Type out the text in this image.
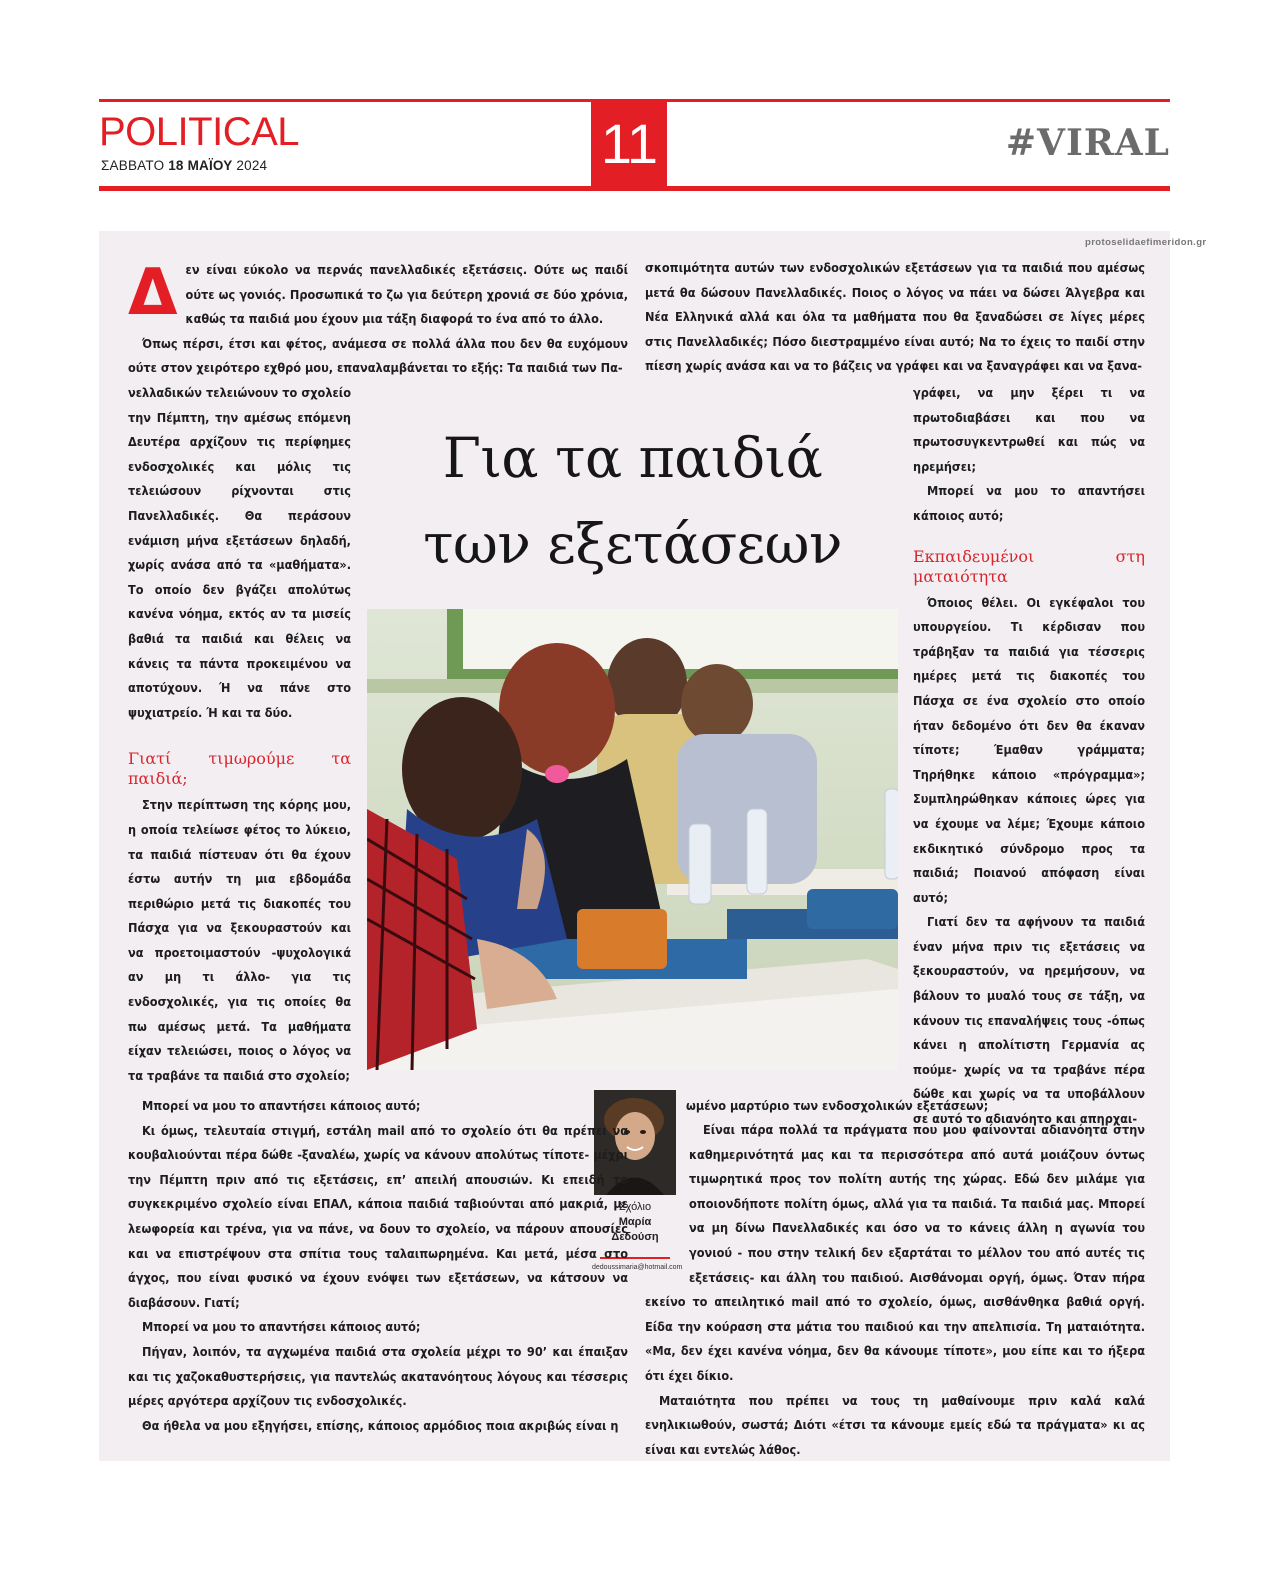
POLITICAL
ΣΑΒΒΑΤΟ 18 ΜΑΪΟΥ 2024	11	#VIRAL
protoselidaefimeridon.gr
Δ εν είναι εύκολο να περνάς πανελλαδικές εξετάσεις. Ούτε ως παιδί ούτε ως γονιός. Προσωπικά το ζω για δεύτερη χρονιά σε δύο χρόνια, καθώς τα παιδιά μου έχουν μια τάξη διαφορά το ένα από το άλλο.

Όπως πέρσι, έτσι και φέτος, ανάμεσα σε πολλά άλλα που δεν θα ευχόμουν ούτε στον χειρότερο εχθρό μου, επαναλαμβάνεται το εξής: Τα παιδιά των Πα-

νελλαδικών τελειώνουν το σχολείο την Πέμπτη, την αμέσως επόμενη Δευτέρα αρχίζουν τις περίφημες ενδοσχολικές και μόλις τις τελειώσουν ρίχνονται στις Πανελλαδικές. Θα περάσουν ενάμιση μήνα εξετάσεων δηλαδή, χωρίς ανάσα από τα «μαθήματα». Το οποίο δεν βγάζει απολύτως κανένα νόημα, εκτός αν τα μισείς βαθιά τα παιδιά και θέλεις να κάνεις τα πάντα προκειμένου να αποτύχουν. Ή να πάνε στο ψυχιατρείο. Ή και τα δύο.

Γιατί τιμωρούμε τα παιδιά;

Στην περίπτωση της κόρης μου, η οποία τελείωσε φέτος το λύκειο, τα παιδιά πίστευαν ότι θα έχουν έστω αυτήν τη μια εβδομάδα περιθώριο μετά τις διακοπές του Πάσχα για να ξεκουραστούν και να προετοιμαστούν -ψυχολογικά αν μη τι άλλο- για τις ενδοσχολικές, για τις οποίες θα πω αμέσως μετά. Τα μαθήματα είχαν τελειώσει, ποιος ο λόγος να τα τραβάνε τα παιδιά στο σχολείο;

σκοπιμότητα αυτών των ενδοσχολικών εξετάσεων για τα παιδιά που αμέσως μετά θα δώσουν Πανελλαδικές. Ποιος ο λόγος να πάει να δώσει Άλγεβρα και Νέα Ελληνικά αλλά και όλα τα μαθήματα που θα ξαναδώσει σε λίγες μέρες στις Πανελλαδικές; Πόσο διεστραμμένο είναι αυτό; Να το έχεις το παιδί στην πίεση χωρίς ανάσα και να το βάζεις να γράφει και να ξαναγράφει και να ξανα-

γράφει, να μην ξέρει τι να πρωτοδιαβάσει και που να πρωτοσυγκεντρωθεί και πώς να ηρεμήσει;

Μπορεί να μου το απαντήσει κάποιος αυτό;

Εκπαιδευμένοι στη ματαιότητα

Όποιος θέλει. Οι εγκέφαλοι του υπουργείου. Τι κέρδισαν που τράβηξαν τα παιδιά για τέσσερις ημέρες μετά τις διακοπές του Πάσχα σε ένα σχολείο στο οποίο ήταν δεδομένο ότι δεν θα έκαναν τίποτε; Έμαθαν γράμματα; Τηρήθηκε κάποιο «πρόγραμμα»; Συμπληρώθηκαν κάποιες ώρες για να έχουμε να λέμε; Έχουμε κάποιο εκδικητικό σύνδρομο προς τα παιδιά; Ποιανού απόφαση είναι αυτό;

Γιατί δεν τα αφήνουν τα παιδιά έναν μήνα πριν τις εξετάσεις να ξεκουραστούν, να ηρεμήσουν, να βάλουν το μυαλό τους σε τάξη, να κάνουν τις επαναλήψεις τους -όπως κάνει η απολίτιστη Γερμανία ας πούμε- χωρίς να τα τραβάνε πέρα δώθε και χωρίς να τα υποβάλλουν σε αυτό το αδιανόητο και απηρχαι-

Για τα παιδιά
των εξετάσεων
Σχόλιο
Μαρία
Δεδούση
dedoussimaria@hotmail.com

Μπορεί να μου το απαντήσει κάποιος αυτό;

Κι όμως, τελευταία στιγμή, εστάλη mail από το σχολείο ότι θα πρέπει να κουβαλιούνται πέρα δώθε -ξαναλέω, χωρίς να κάνουν απολύτως τίποτε- μέχρι την Πέμπτη πριν από τις εξετάσεις, επ’ απειλή απουσιών. Κι επειδή το συγκεκριμένο σχολείο είναι ΕΠΑΛ, κάποια παιδιά ταβιούνται από μακριά, με λεωφορεία και τρένα, για να πάνε, να δουν το σχολείο, να πάρουν απουσίες και να επιστρέψουν στα σπίτια τους ταλαιπωρημένα. Και μετά, μέσα στο άγχος, που είναι φυσικό να έχουν ενόψει των εξετάσεων, να κάτσουν να διαβάσουν. Γιατί;

Μπορεί να μου το απαντήσει κάποιος αυτό;

Πήγαν, λοιπόν, τα αγχωμένα παιδιά στα σχολεία μέχρι το 90’ και έπαιξαν και τις χαζοκαθυστερήσεις, για παντελώς ακατανόητους λόγους και τέσσερις μέρες αργότερα αρχίζουν τις ενδοσχολικές.

Θα ήθελα να μου εξηγήσει, επίσης, κάποιος αρμόδιος ποια ακριβώς είναι η

ωμένο μαρτύριο των ενδοσχολικών εξετάσεων;

Είναι πάρα πολλά τα πράγματα που μου φαίνονται αδιανόητα στην καθημερινότητά μας και τα περισσότερα από αυτά μοιάζουν όντως τιμωρητικά προς τον πολίτη αυτής της χώρας. Εδώ δεν μιλάμε για οποιονδήποτε πολίτη όμως, αλλά για τα παιδιά. Τα παιδιά μας. Μπορεί να μη δίνω Πανελλαδικές και όσο να το κάνεις άλλη η αγωνία του γονιού - που στην τελική δεν εξαρτάται το μέλλον του από αυτές τις εξετάσεις- και άλλη του παιδιού. Αισθάνομαι οργή, όμως. Όταν πήρα εκείνο το απειλητικό mail από το σχολείο, όμως, αισθάνθηκα βαθιά οργή. Είδα την κούραση στα μάτια του παιδιού και την απελπισία. Τη ματαιότητα. «Μα, δεν έχει κανένα νόημα, δεν θα κάνουμε τίποτε», μου είπε και το ήξερα ότι έχει δίκιο.

Ματαιότητα που πρέπει να τους τη μαθαίνουμε πριν καλά καλά ενηλικιωθούν, σωστά; Διότι «έτσι τα κάνουμε εμείς εδώ τα πράγματα» κι ας είναι και εντελώς λάθος.
